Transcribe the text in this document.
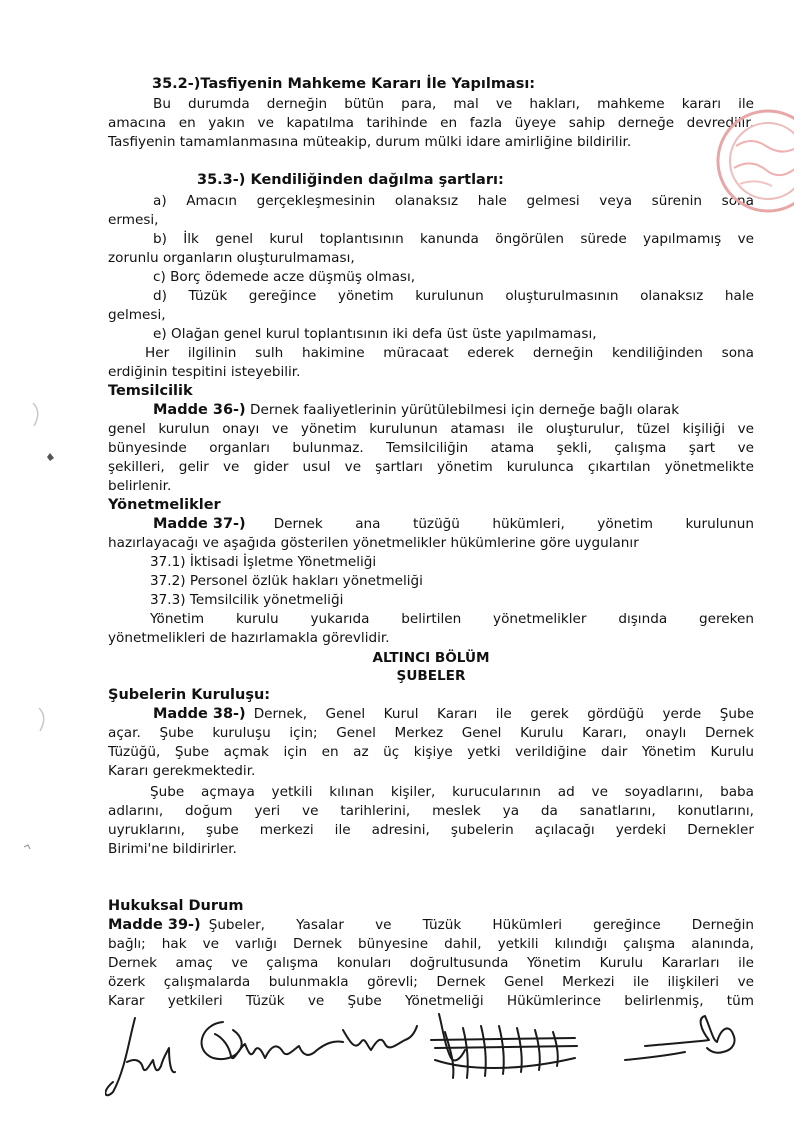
35.2-)Tasfiyenin Mahkeme Kararı İle Yapılması:
Bu durumda derneğin bütün para, mal ve hakları, mahkeme kararı ile
amacına en yakın ve kapatılma tarihinde en fazla üyeye sahip derneğe devredilir.
Tasfiyenin tamamlanmasına müteakip, durum mülki idare amirliğine bildirilir.
35.3-) Kendiliğinden dağılma şartları:
a) Amacın gerçekleşmesinin olanaksız hale gelmesi veya sürenin sona
ermesi,
b) İlk genel kurul toplantısının kanunda öngörülen sürede yapılmamış ve
zorunlu organların oluşturulmaması,
c) Borç ödemede acze düşmüş olması,
d) Tüzük gereğince yönetim kurulunun oluşturulmasının olanaksız hale
gelmesi,
e) Olağan genel kurul toplantısının iki defa üst üste yapılmaması,
Her ilgilinin sulh hakimine müracaat ederek derneğin kendiliğinden sona
erdiğinin tespitini isteyebilir.
Temsilcilik
Madde 36-) Dernek faaliyetlerinin yürütülebilmesi için derneğe bağlı olarak
genel kurulun onayı ve yönetim kurulunun ataması ile oluşturulur, tüzel kişiliği ve
bünyesinde organları bulunmaz. Temsilciliğin atama şekli, çalışma şart ve
şekilleri, gelir ve gider usul ve şartları yönetim kurulunca çıkartılan yönetmelikte
belirlenir.
Yönetmelikler
Madde 37-) Dernek ana tüzüğü hükümleri, yönetim kurulunun
hazırlayacağı ve aşağıda gösterilen yönetmelikler hükümlerine göre uygulanır
37.1) İktisadi İşletme Yönetmeliği
37.2) Personel özlük hakları yönetmeliği
37.3) Temsilcilik yönetmeliği
Yönetim kurulu yukarıda belirtilen yönetmelikler dışında gereken
yönetmelikleri de hazırlamakla görevlidir.
ALTINCI BÖLÜM
ŞUBELER
Şubelerin Kuruluşu:
Madde 38-) Dernek, Genel Kurul Kararı ile gerek gördüğü yerde Şube
açar. Şube kuruluşu için; Genel Merkez Genel Kurulu Kararı, onaylı Dernek
Tüzüğü, Şube açmak için en az üç kişiye yetki verildiğine dair Yönetim Kurulu
Kararı gerekmektedir.
Şube açmaya yetkili kılınan kişiler, kurucularının ad ve soyadlarını, baba
adlarını, doğum yeri ve tarihlerini, meslek ya da sanatlarını, konutlarını,
uyruklarını, şube merkezi ile adresini, şubelerin açılacağı yerdeki Dernekler
Birimi'ne bildirirler.
Hukuksal Durum
Madde 39-) Şubeler, Yasalar ve Tüzük Hükümleri gereğince Derneğin
bağlı; hak ve varlığı Dernek bünyesine dahil, yetkili kılındığı çalışma alanında,
Dernek amaç ve çalışma konuları doğrultusunda Yönetim Kurulu Kararları ile
özerk çalışmalarda bulunmakla görevli; Dernek Genel Merkezi ile ilişkileri ve
Karar yetkileri Tüzük ve Şube Yönetmeliği Hükümlerince belirlenmiş, tüm
